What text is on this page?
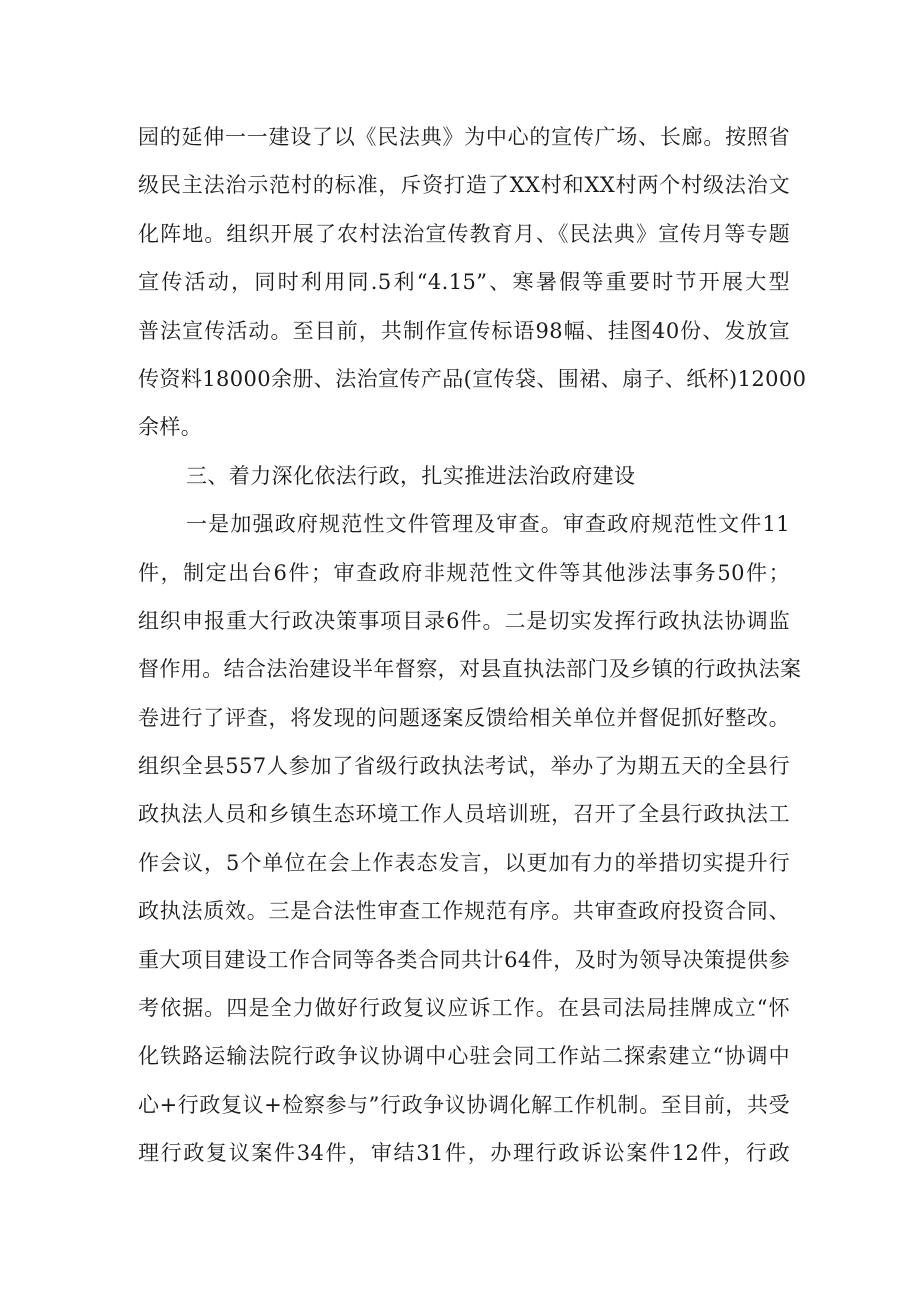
园的延伸一一建设了以《民法典》为中心的宣传广场、长廊。按照省
级民主法治示范村的标准，斥资打造了XX村和XX村两个村级法治文
化阵地。组织开展了农村法治宣传教育月、《民法典》宣传月等专题
宣传活动，同时利用同.5利“4.15”、寒暑假等重要时节开展大型
普法宣传活动。至目前，共制作宣传标语98幅、挂图40份、发放宣
传资料18000余册、法治宣传产品(宣传袋、围裙、扇子、纸杯)12000
余样。
三、着力深化依法行政，扎实推进法治政府建设
一是加强政府规范性文件管理及审查。审查政府规范性文件11
件，制定出台6件；审查政府非规范性文件等其他涉法事务50件；
组织申报重大行政决策事项目录6件。二是切实发挥行政执法协调监
督作用。结合法治建设半年督察，对县直执法部门及乡镇的行政执法案
卷进行了评查，将发现的问题逐案反馈给相关单位并督促抓好整改。
组织全县557人参加了省级行政执法考试，举办了为期五天的全县行
政执法人员和乡镇生态环境工作人员培训班，召开了全县行政执法工
作会议，5个单位在会上作表态发言，以更加有力的举措切实提升行
政执法质效。三是合法性审查工作规范有序。共审查政府投资合同、
重大项目建设工作合同等各类合同共计64件，及时为领导决策提供参
考依据。四是全力做好行政复议应诉工作。在县司法局挂牌成立“怀
化铁路运输法院行政争议协调中心驻会同工作站二探索建立“协调中
心+行政复议+检察参与”行政争议协调化解工作机制。至目前，共受
理行政复议案件34件，审结31件，办理行政诉讼案件12件，行政
